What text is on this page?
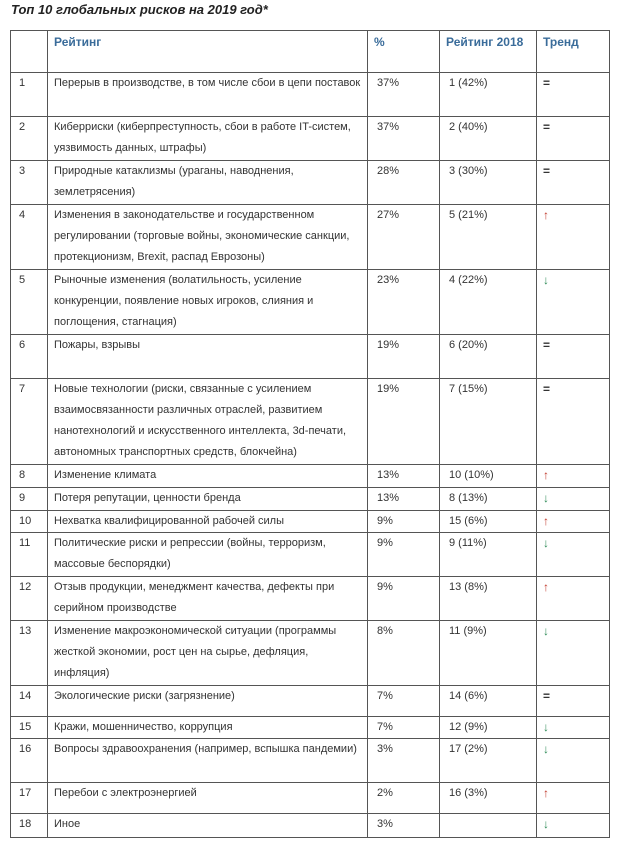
Топ 10 глобальных рисков на 2019 год*
	Рейтинг	%	Рейтинг 2018	Тренд
1	Перерыв в производстве, в том числе сбои в цепи поставок	37%	1 (42%)	=
2	Киберриски (киберпреступность, сбои в работе IT-систем, уязвимость данных, штрафы)	37%	2 (40%)	=
3	Природные катаклизмы (ураганы, наводнения, землетрясения)	28%	3 (30%)	=
4	Изменения в законодательстве и государственном регулировании (торговые войны, экономические санкции, протекционизм, Brexit, распад Еврозоны)	27%	5 (21%)	↑
5	Рыночные изменения (волатильность, усиление конкуренции, появление новых игроков, слияния и поглощения, стагнация)	23%	4 (22%)	↓
6	Пожары, взрывы	19%	6 (20%)	=
7	Новые технологии (риски, связанные с усилением взаимосвязанности различных отраслей, развитием нанотехнологий и искусственного интеллекта, 3d-печати, автономных транспортных средств, блокчейна)	19%	7 (15%)	=
8	Изменение климата	13%	10 (10%)	↑
9	Потеря репутации, ценности бренда	13%	8 (13%)	↓
10	Нехватка квалифицированной рабочей силы	9%	15 (6%)	↑
11	Политические риски и репрессии (войны, терроризм, массовые беспорядки)	9%	9 (11%)	↓
12	Отзыв продукции, менеджмент качества, дефекты при серийном производстве	9%	13 (8%)	↑
13	Изменение макроэкономической ситуации (программы жесткой экономии, рост цен на сырье, дефляция, инфляция)	8%	11 (9%)	↓
14	Экологические риски (загрязнение)	7%	14 (6%)	=
15	Кражи, мошенничество, коррупция	7%	12 (9%)	↓
16	Вопросы здравоохранения (например, вспышка пандемии)	3%	17 (2%)	↓
17	Перебои с электроэнергией	2%	16 (3%)	↑
18	Иное	3%		↓
